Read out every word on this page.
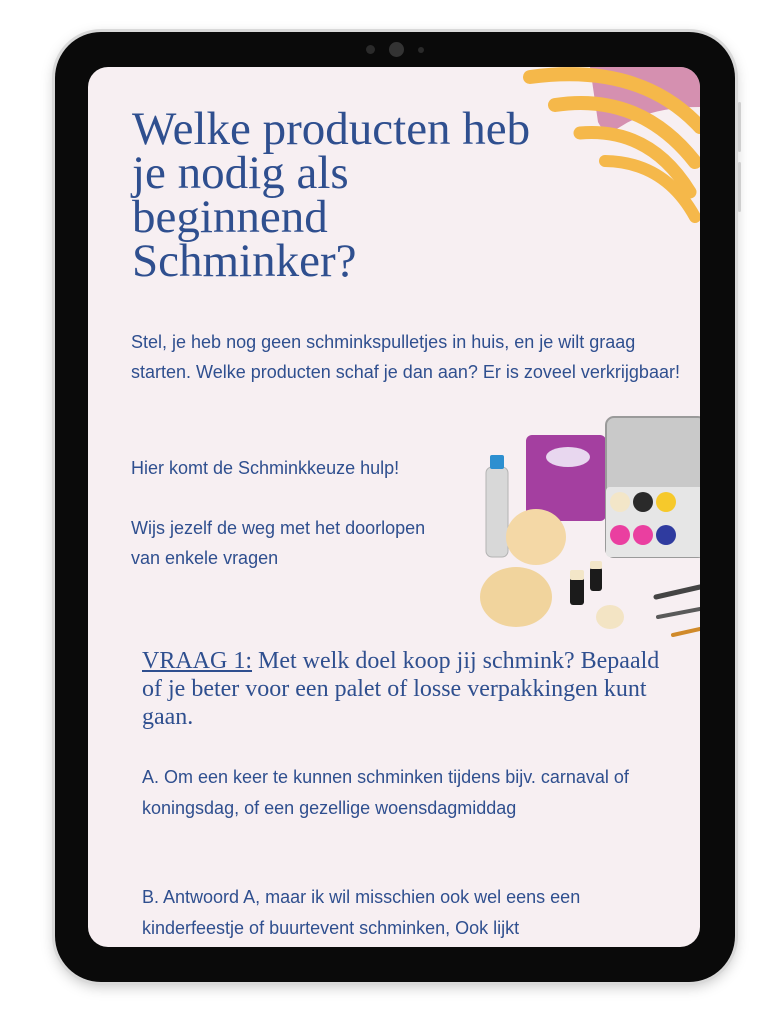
Welke producten heb je nodig als beginnend Schminker?

Stel, je heb nog geen schminkspulletjes in huis, en je wilt graag starten. Welke producten schaf je dan aan? Er is zoveel verkrijgbaar!

Hier komt de Schminkkeuze hulp!

Wijs jezelf de weg met het doorlopen van enkele vragen

VRAAG 1: Met welk doel koop jij schmink? Bepaald of je beter voor een palet of losse verpakkingen kunt gaan.

A. Om een keer te kunnen schminken tijdens bijv. carnaval of koningsdag, of een gezellige woensdagmiddag

B. Antwoord A, maar ik wil misschien ook wel eens een kinderfeestje of buurtevent schminken, Ook lijkt
